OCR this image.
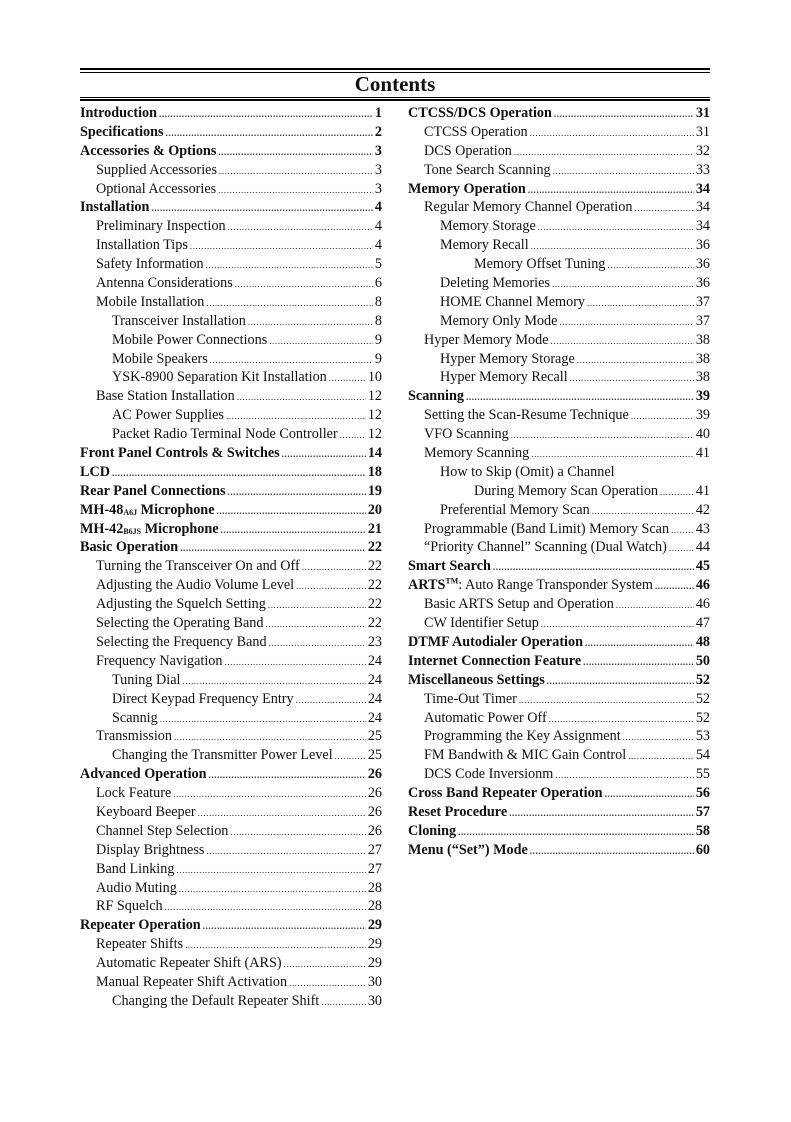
Contents
Introduction .....	1
Specifications .....	2
Accessories & Options .....	3
Supplied Accessories .....	3
Optional Accessories .....	3
Installation .....	4
Preliminary Inspection .....	4
Installation Tips .....	4
Safety Information .....	5
Antenna Considerations .....	6
Mobile Installation .....	8
Transceiver Installation .....	8
Mobile Power Connections .....	9
Mobile Speakers .....	9
YSK-8900 Separation Kit Installation .....	10
Base Station Installation .....	12
AC Power Supplies .....	12
Packet Radio Terminal Node Controller ..... 12
Front Panel Controls & Switches .....	14
LCD .....	18
Rear Panel Connections .....	19
MH-48A6J Microphone .....	20
MH-42B6JS Microphone .....	21
Basic Operation .....	22
Turning the Transceiver On and Off .....	22
Adjusting the Audio Volume Level .....	22
Adjusting the Squelch Setting .....	22
Selecting the Operating Band .....	22
Selecting the Frequency Band .....	23
Frequency Navigation .....	24
Tuning Dial .....	24
Direct Keypad Frequency Entry .....	24
Scannig .....	24
Transmission .....	25
Changing the Transmitter Power Level ..... 25
Advanced Operation .....	26
Lock Feature .....	26
Keyboard Beeper .....	26
Channel Step Selection .....	26
Display Brightness .....	27
Band Linking .....	27
Audio Muting .....	28
RF Squelch .....	28
Repeater Operation .....	29
Repeater Shifts .....	29
Automatic Repeater Shift (ARS) .....	29
Manual Repeater Shift Activation .....	30
Changing the Default Repeater Shift .....	30
CTCSS/DCS Operation .....	31
CTCSS Operation .....	31
DCS Operation .....	32
Tone Search Scanning .....	33
Memory Operation .....	34
Regular Memory Channel Operation .....	34
Memory Storage .....	34
Memory Recall .....	36
Memory Offset Tuning .....	36
Deleting Memories .....	36
HOME Channel Memory .....	37
Memory Only Mode .....	37
Hyper Memory Mode .....	38
Hyper Memory Storage .....	38
Hyper Memory Recall .....	38
Scanning .....	39
Setting the Scan-Resume Technique .....	39
VFO Scanning .....	40
Memory Scanning .....	41
How to Skip (Omit) a Channel
During Memory Scan Operation .....	41
Preferential Memory Scan .....	42
Programmable (Band Limit) Memory Scan ..... 43
“Priority Channel” Scanning (Dual Watch) ..... 44
Smart Search .....	45
ARTS™: Auto Range Transponder System .....	46
Basic ARTS Setup and Operation .....	46
CW Identifier Setup .....	47
DTMF Autodialer Operation .....	48
Internet Connection Feature .....	50
Miscellaneous Settings .....	52
Time-Out Timer .....	52
Automatic Power Off .....	52
Programming the Key Assignment .....	53
FM Bandwith & MIC Gain Control .....	54
DCS Code Inversionm .....	55
Cross Band Repeater Operation .....	56
Reset Procedure .....	57
Cloning .....	58
Menu (“Set”) Mode .....	60
